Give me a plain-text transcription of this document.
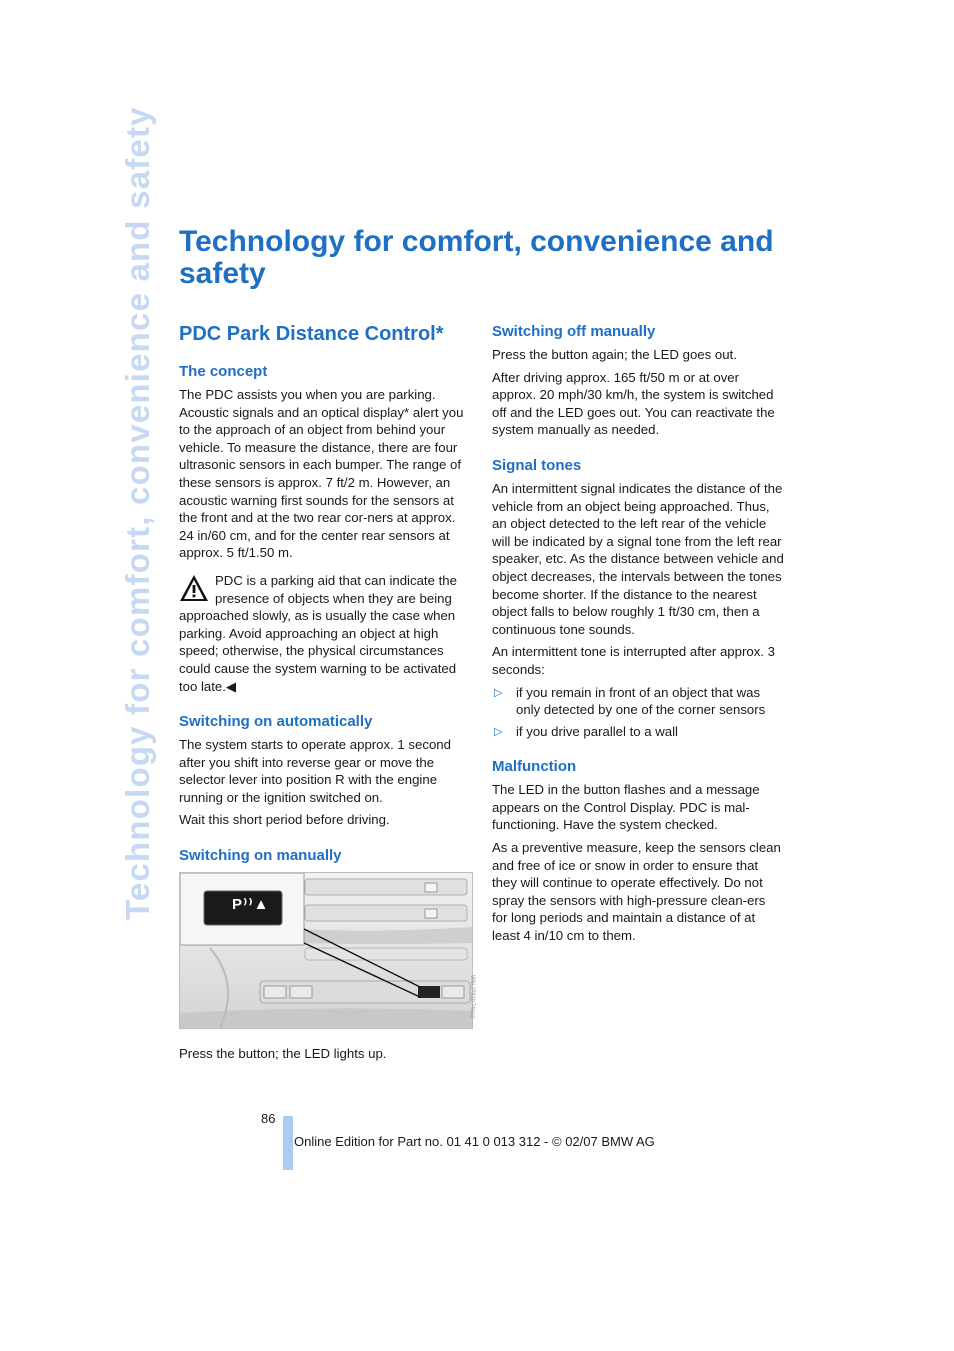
Technology for comfort, convenience and safety Technology for comfort, convenience and safety
PDC Park Distance Control*
The concept

The PDC assists you when you are parking. Acoustic signals and an optical display* alert you to the approach of an object from behind your vehicle. To measure the distance, there are four ultrasonic sensors in each bumper. The range of these sensors is approx. 7 ft/2 m. However, an acoustic warning first sounds for the sensors at the front and at the two rear cor-ners at approx. 24 in/60 cm, and for the center rear sensors at approx. 5 ft/1.50 m.

PDC is a parking aid that can indicate the presence of objects when they are being approached slowly, as is usually the case when parking. Avoid approaching an object at high speed; otherwise, the physical circumstances could cause the system warning to be activated too late.◀

Switching on automatically

The system starts to operate approx. 1 second after you shift into reverse gear or move the selector lever into position R with the engine running or the ignition switched on.

Wait this short period before driving.

Switching on manually
P⁾⁾▲

Press the button; the LED lights up.

W6UP81b74sup
Switching off manually

Press the button again; the LED goes out.

After driving approx. 165 ft/50 m or at over approx. 20 mph/30 km/h, the system is switched off and the LED goes out. You can reactivate the system manually as needed.

Signal tones

An intermittent signal indicates the distance of the vehicle from an object being approached. Thus, an object detected to the left rear of the vehicle will be indicated by a signal tone from the left rear speaker, etc. As the distance between vehicle and object decreases, the intervals between the tones become shorter. If the distance to the nearest object falls to below roughly 1 ft/30 cm, then a continuous tone sounds.

An intermittent tone is interrupted after approx. 3 seconds:

▷ if you remain in front of an object that was only detected by one of the corner sensors
▷ if you drive parallel to a wall
Malfunction

The LED in the button flashes and a message appears on the Control Display. PDC is mal-functioning. Have the system checked.

As a preventive measure, keep the sensors clean and free of ice or snow in order to ensure that they will continue to operate effectively. Do not spray the sensors with high-pressure clean-ers for long periods and maintain a distance of at least 4 in/10 cm to them.

86
Online Edition for Part no. 01 41 0 013 312 - © 02/07 BMW AG
